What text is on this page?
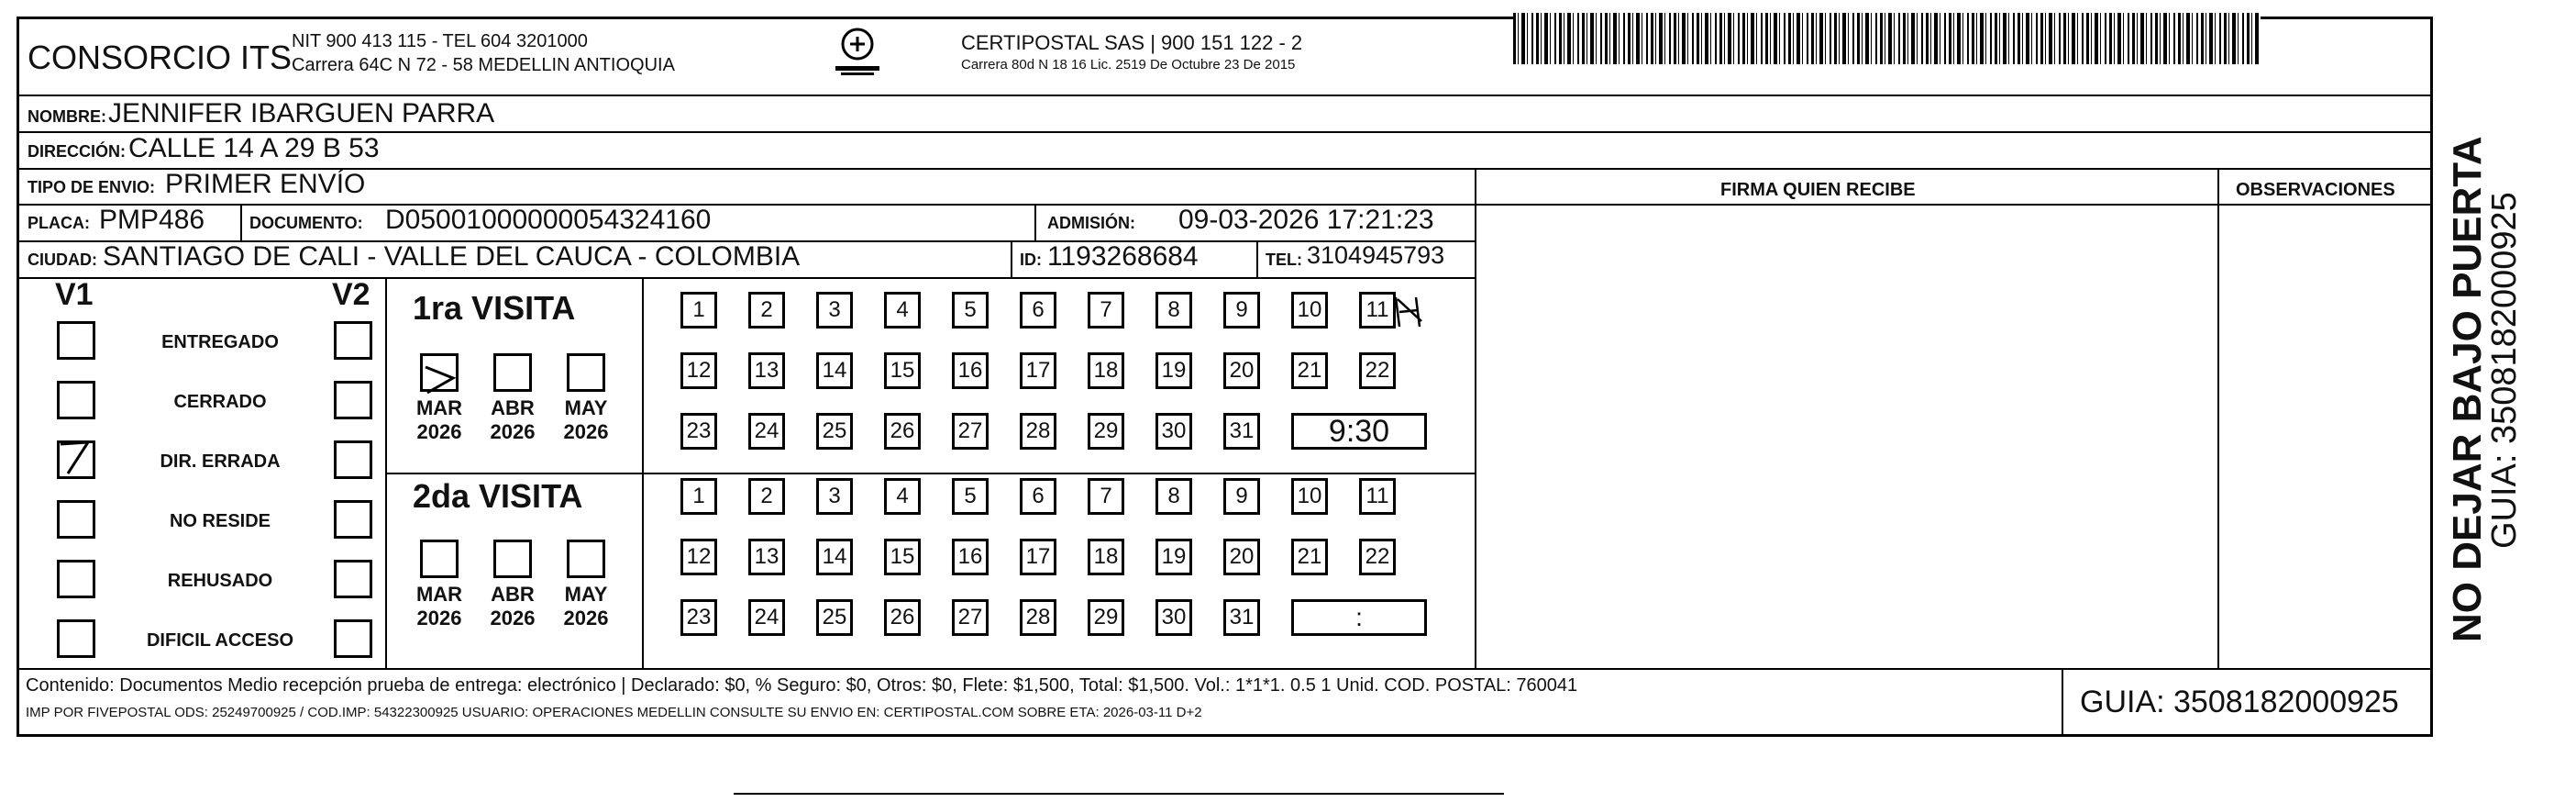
CONSORCIO ITS NIT 900 413 115 - TEL 604 3201000
Carrera 64C N 72 - 58 MEDELLIN ANTIOQUIA
CERTIPOSTAL SAS | 900 151 122 - 2
Carrera 80d N 18 16 Lic. 2519 De Octubre 23 De 2015
NOMBRE: JENNIFER IBARGUEN PARRA
DIRECCIÓN: CALLE 14 A 29 B 53
TIPO DE ENVIO: PRIMER ENVÍO	FIRMA QUIEN RECIBE	OBSERVACIONES
PLACA: PMP486	DOCUMENTO: D05001000000054324160	ADMISIÓN: 09-03-2026 17:21:23
CIUDAD: SANTIAGO DE CALI - VALLE DEL CAUCA - COLOMBIA	ID: 1193268684	TEL: 3104945793
V1	V2
ENTREGADO
CERRADO
DIR. ERRADA
NO RESIDE
REHUSADO
DIFICIL ACCESO
1ra VISITA
2da VISITA
MAR
2026
ABR
2026
MAY
2026
MAR
2026
ABR
2026
MAY
2026
1	2	3	4	5	6	7	8	9	10	11
12 13 14 15 16 17 18 19 20 21 22
23 24 25 26 27 28 29 30 31	9:30
1	2	3	4	5	6	7	8	9	10	11
12 13 14 15 16 17 18 19 20 21 22
23 24 25 26 27 28 29 30 31	:
Contenido: Documentos Medio recepción prueba de entrega: electrónico | Declarado: $0, % Seguro: $0, Otros: $0, Flete: $1,500, Total: $1,500. Vol.: 1*1*1. 0.5 1 Unid. COD. POSTAL: 760041
IMP POR FIVEPOSTAL ODS: 25249700925 / COD.IMP: 54322300925 USUARIO: OPERACIONES MEDELLIN CONSULTE SU ENVIO EN: CERTIPOSTAL.COM SOBRE ETA: 2026-03-11 D+2	GUIA: 3508182000925
NO DEJAR BAJO PUERTA
GUIA: 3508182000925
